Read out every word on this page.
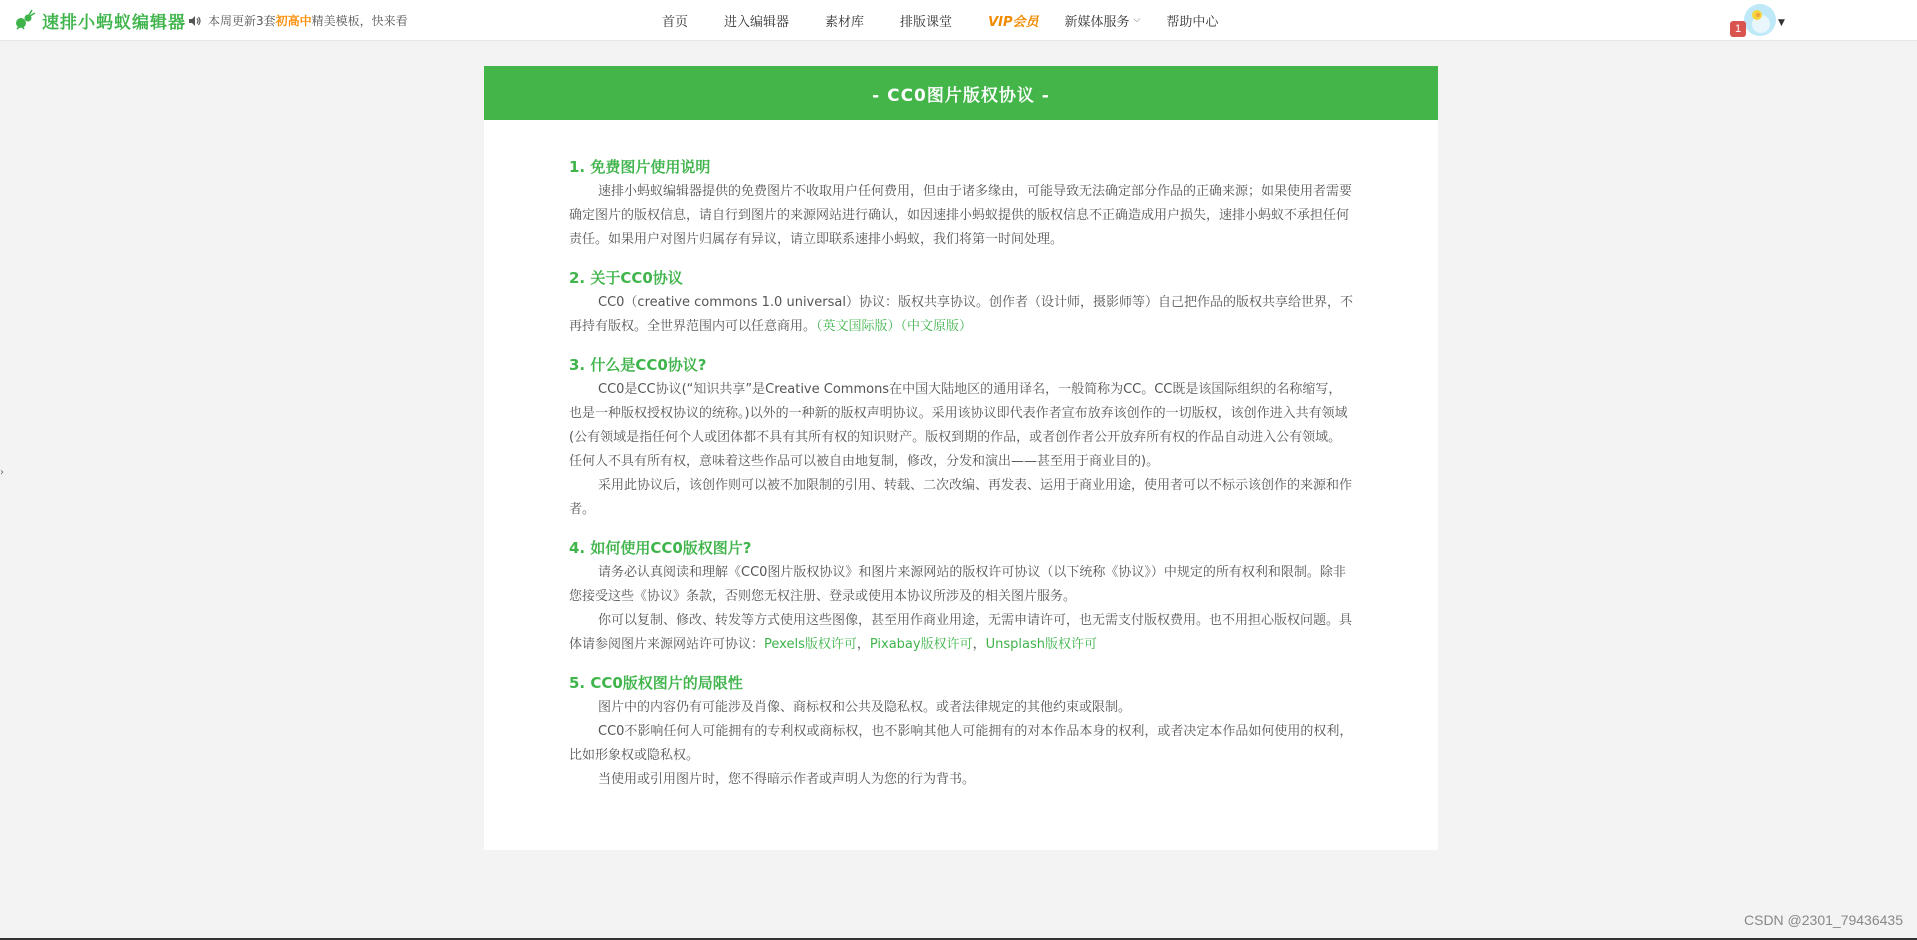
速排小蚂蚁编辑器 本周更新3套初高中精美模板，快来看	首页	进入编辑器	素材库	排版课堂	VIP会员 新媒体服务 ⌵ 帮助中心	1	▼
›
- CC0图片版权协议 -
1. 免费图片使用说明

速排小蚂蚁编辑器提供的免费图片不收取用户任何费用，但由于诸多缘由，可能导致无法确定部分作品的正确来源；如果使用者需要确定图片的版权信息，请自行到图片的来源网站进行确认，如因速排小蚂蚁提供的版权信息不正确造成用户损失，速排小蚂蚁不承担任何责任。如果用户对图片归属存有异议，请立即联系速排小蚂蚁，我们将第一时间处理。

2. 关于CC0协议

CC0（creative commons 1.0 universal）协议：版权共享协议。创作者（设计师，摄影师等）自己把作品的版权共享给世界，不再持有版权。全世界范围内可以任意商用。（英文国际版）（中文原版）

3. 什么是CC0协议?

CC0是CC协议(“知识共享”是Creative Commons在中国大陆地区的通用译名，一般简称为CC。CC既是该国际组织的名称缩写，也是一种版权授权协议的统称。)以外的一种新的版权声明协议。采用该协议即代表作者宣布放弃该创作的一切版权，该创作进入共有领域(公有领域是指任何个人或团体都不具有其所有权的知识财产。版权到期的作品，或者创作者公开放弃所有权的作品自动进入公有领域。任何人不具有所有权，意味着这些作品可以被自由地复制，修改，分发和演出——甚至用于商业目的)。

采用此协议后，该创作则可以被不加限制的引用、转载、二次改编、再发表、运用于商业用途，使用者可以不标示该创作的来源和作者。

4. 如何使用CC0版权图片?

请务必认真阅读和理解《CC0图片版权协议》和图片来源网站的版权许可协议（以下统称《协议》）中规定的所有权利和限制。除非您接受这些《协议》条款，否则您无权注册、登录或使用本协议所涉及的相关图片服务。

你可以复制、修改、转发等方式使用这些图像，甚至用作商业用途，无需申请许可，也无需支付版权费用。也不用担心版权问题。具体请参阅图片来源网站许可协议：Pexels版权许可，Pixabay版权许可，Unsplash版权许可

5. CC0版权图片的局限性

图片中的内容仍有可能涉及肖像、商标权和公共及隐私权。或者法律规定的其他约束或限制。

CC0不影响任何人可能拥有的专利权或商标权，也不影响其他人可能拥有的对本作品本身的权利，或者决定本作品如何使用的权利，比如形象权或隐私权。

当使用或引用图片时，您不得暗示作者或声明人为您的行为背书。

CSDN @2301_79436435
